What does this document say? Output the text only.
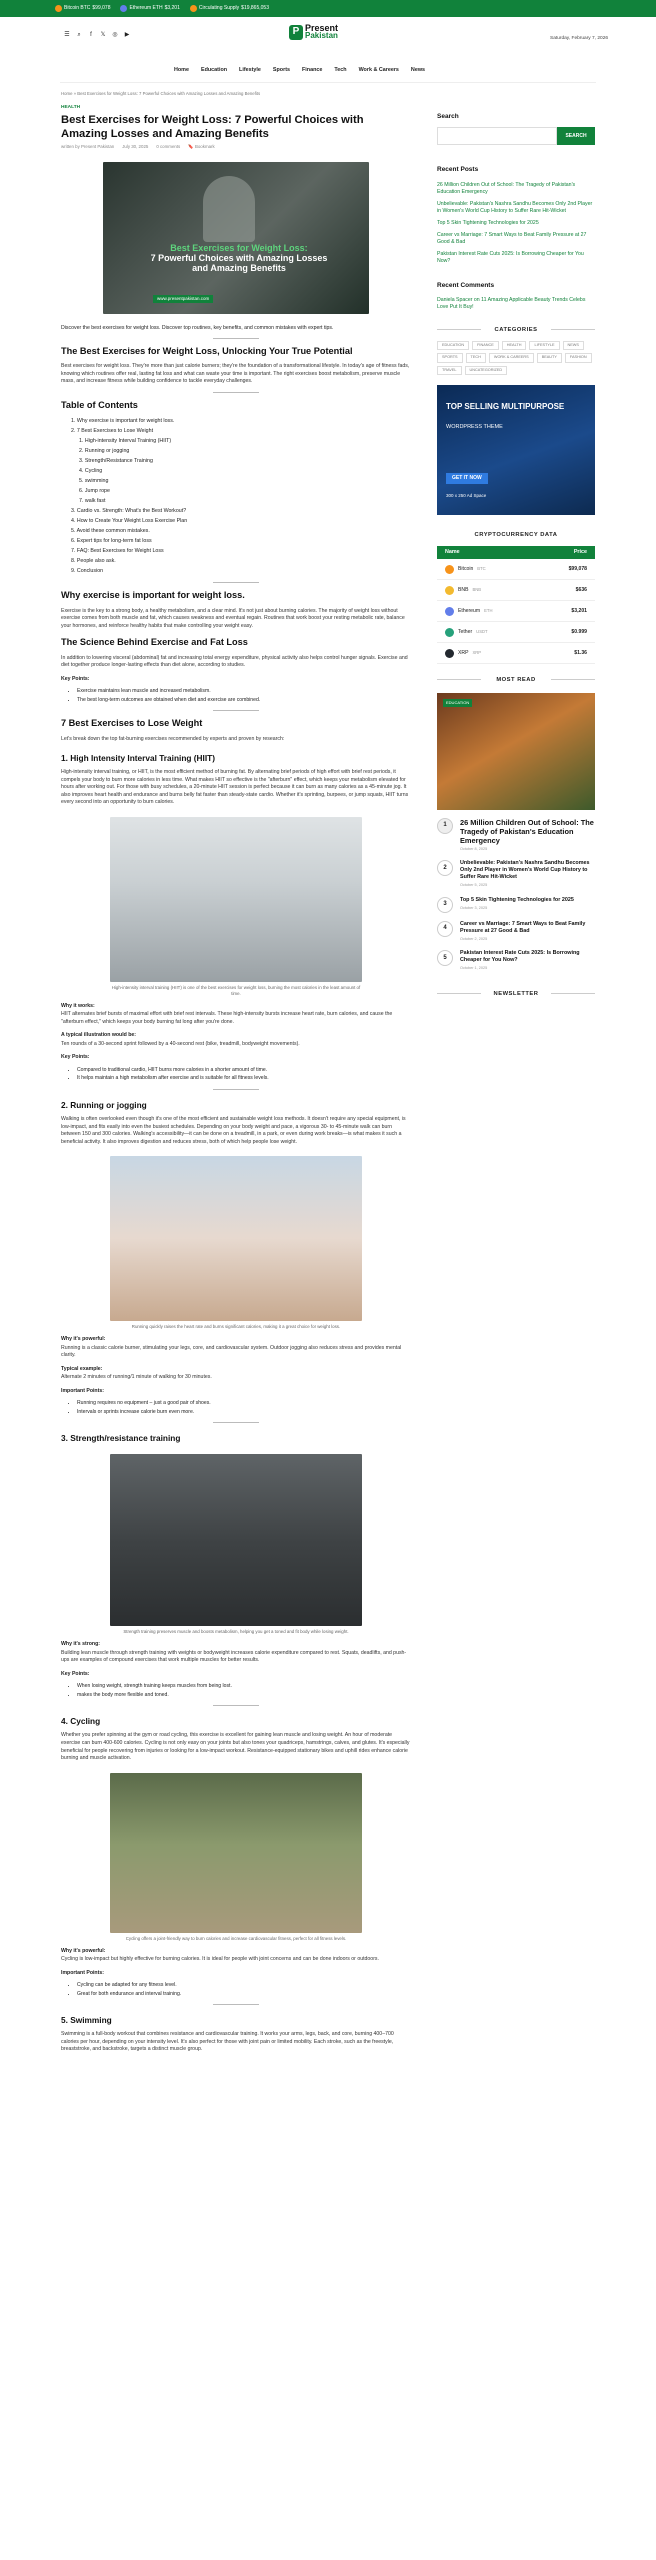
Bitcoin BTC $99,078	Ethereum ETH $3,201	Circulating Supply $19,865,053
☰ ⌕	f	𝕏 ◎ ▶	P Present
Pakistan	Saturday, February 7, 2026
Home Education Lifestyle Sports Finance Tech Work & Careers News
Home » Best Exercises for Weight Loss: 7 Powerful Choices with Amazing Losses and Amazing Benefits
HEALTH
Best Exercises for Weight Loss: 7 Powerful Choices with Amazing Losses and Amazing Benefits
written by Present Pakistan July 30, 2025 0 comments 🔖 Bookmark
Best Exercises for Weight Loss:
7 Powerful Choices with Amazing Losses and Amazing Benefits
www.presentpakistan.com
Discover the best exercises for weight loss. Discover top routines, key benefits, and common mistakes with expert tips.
The Best Exercises for Weight Loss, Unlocking Your True Potential

Best exercises for weight loss. They're more than just calorie burners; they're the foundation of a transformational lifestyle. In today's age of fitness fads, knowing which routines offer real, lasting fat loss and what can waste your time is important. The right exercises boost metabolism, preserve muscle mass, and increase fitness while building confidence to tackle everyday challenges.

Table of Contents
1. Why exercise is important for weight loss.
2. 7 Best Exercises to Lose Weight
1. High-intensity Interval Training (HIIT)
2. Running or jogging
3. Strength/Resistance Training
4. Cycling
5. swimming
6. Jump rope
7. walk fast
3. Cardio vs. Strength: What's the Best Workout?
4. How to Create Your Weight Loss Exercise Plan
5. Avoid these common mistakes.
6. Expert tips for long-term fat loss
7. FAQ: Best Exercises for Weight Loss
8. People also ask.
9. Conclusion
Why exercise is important for weight loss.

Exercise is the key to a strong body, a healthy metabolism, and a clear mind. It's not just about burning calories. The majority of weight loss without exercise comes from both muscle and fat, which causes weakness and eventual regain. Routines that work boost your resting metabolic rate, balance your hormones, and reinforce healthy habits that make controlling your weight easy.

The Science Behind Exercise and Fat Loss

In addition to lowering visceral (abdominal) fat and increasing total energy expenditure, physical activity also helps control hunger signals. Exercise and diet together produce longer-lasting effects than diet alone, according to studies.

Key Points:
• Exercise maintains lean muscle and increased metabolism.
• The best long-term outcomes are obtained when diet and exercise are combined.
7 Best Exercises to Lose Weight

Let's break down the top fat-burning exercises recommended by experts and proven by research:

1. High Intensity Interval Training (HIIT)

High-intensity interval training, or HIIT, is the most efficient method of burning fat. By alternating brief periods of high effort with brief rest periods, it compels your body to burn more calories in less time. What makes HIIT so effective is the "afterburn" effect, which keeps your metabolism elevated for hours after working out. For those with busy schedules, a 20-minute HIIT session is perfect because it can burn as many calories as a 45-minute jog. It also improves heart health and endurance and burns belly fat faster than steady-state cardio. Whether it's sprinting, burpees, or jump squats, HIIT turns every second into an opportunity to burn calories.

High-intensity interval training (HIIT) is one of the best exercises for weight loss, burning the most calories in the least amount of time.
Why it works:

HIIT alternates brief bursts of maximal effort with brief rest intervals. These high-intensity bursts increase heart rate, burn calories, and cause the "afterburn effect," which keeps your body burning fat long after you're done.

A typical illustration would be:

Ten rounds of a 30-second sprint followed by a 40-second rest (bike, treadmill, bodyweight movements).

Key Points:
• Compared to traditional cardio, HIIT burns more calories in a shorter amount of time.
• It helps maintain a high metabolism after exercise and is suitable for all fitness levels.
2. Running or jogging

Walking is often overlooked even though it's one of the most efficient and sustainable weight loss methods. It doesn't require any special equipment, is low-impact, and fits easily into even the busiest schedules. Depending on your body weight and pace, a vigorous 30- to 45-minute walk can burn between 150 and 300 calories. Walking's accessibility—it can be done on a treadmill, in a park, or even during work breaks—is what makes it such a beneficial activity. It also improves digestion and reduces stress, both of which help people lose weight.

Running quickly raises the heart rate and burns significant calories, making it a great choice for weight loss.
Why it's powerful:

Running is a classic calorie burner, stimulating your legs, core, and cardiovascular system. Outdoor jogging also reduces stress and provides mental clarity.

Typical example:

Alternate 2 minutes of running/1 minute of walking for 30 minutes.

Important Points:
• Running requires no equipment – just a good pair of shoes.
• Intervals or sprints increase calorie burn even more.
3. Strength/resistance training
Strength training preserves muscle and boosts metabolism, helping you get a toned and fit body while losing weight.
Why it's strong:

Building lean muscle through strength training with weights or bodyweight increases calorie expenditure compared to rest. Squats, deadlifts, and push-ups are examples of compound exercises that work multiple muscles for better results.

Key Points:
• When losing weight, strength training keeps muscles from being lost.
• makes the body more flexible and toned.
4. Cycling

Whether you prefer spinning at the gym or road cycling, this exercise is excellent for gaining lean muscle and losing weight. An hour of moderate exercise can burn 400-600 calories. Cycling is not only easy on your joints but also tones your quadriceps, hamstrings, calves, and glutes. It's especially beneficial for people recovering from injuries or looking for a low-impact workout. Resistance-equipped stationary bikes and uphill rides enhance calorie burning and muscle activation.

Cycling offers a joint-friendly way to burn calories and increase cardiovascular fitness, perfect for all fitness levels.
Why it's powerful:

Cycling is low-impact but highly effective for burning calories. It is ideal for people with joint concerns and can be done indoors or outdoors.

Important Points:
• Cycling can be adapted for any fitness level.
• Great for both endurance and interval training.
5. Swimming

Swimming is a full-body workout that combines resistance and cardiovascular training. It works your arms, legs, back, and core, burning 400–700 calories per hour, depending on your intensity level. It's also perfect for those with joint pain or limited mobility. Each stroke, such as the freestyle, breaststroke, and backstroke, targets a distinct muscle group.

Search
SEARCH
Recent Posts
26 Million Children Out of School: The Tragedy of Pakistan's Education Emergency
Unbelievable: Pakistan's Nashra Sandhu Becomes Only 2nd Player in Women's World Cup History to Suffer Rare Hit-Wicket
Top 5 Skin Tightening Technologies for 2025
Career vs Marriage: 7 Smart Ways to Beat Family Pressure at 27 Good & Bad
Pakistan Interest Rate Cuts 2025: Is Borrowing Cheaper for You Now?
Recent Comments
Daniela Spacer on 11 Amazing Applicable Beauty Trends Celebs Love Put It Buy!
CATEGORIES
EDUCATION	FINANCE	HEALTH	LIFESTYLE	NEWS
SPORTS	TECH	WORK & CAREERS	BEAUTY	FASHION
TRAVEL	UNCATEGORIZED
TOP SELLING MULTIPURPOSE
WORDPRESS THEME
GET IT NOW
300 x 250 Ad Space
CRYPTOCURRENCY DATA
Name	Price
Bitcoin BTC	$99,078
BNB BNB	$636
Ethereum ETH	$3,201
Tether USDT	$0.999
XRP XRP	$1.36
MOST READ
EDUCATION
1	26 Million Children Out of School: The Tragedy of Pakistan's Education Emergency
October 8, 2025
2
Unbelievable: Pakistan's Nashra Sandhu Becomes Only 2nd Player in Women's World Cup History to Suffer Rare Hit-Wicket
October 5, 2025
3
Top 5 Skin Tightening Technologies for 2025
October 3, 2025
4
Career vs Marriage: 7 Smart Ways to Beat Family Pressure at 27 Good & Bad
October 2, 2025
5
Pakistan Interest Rate Cuts 2025: Is Borrowing Cheaper for You Now?
October 1, 2025
NEWSLETTER
